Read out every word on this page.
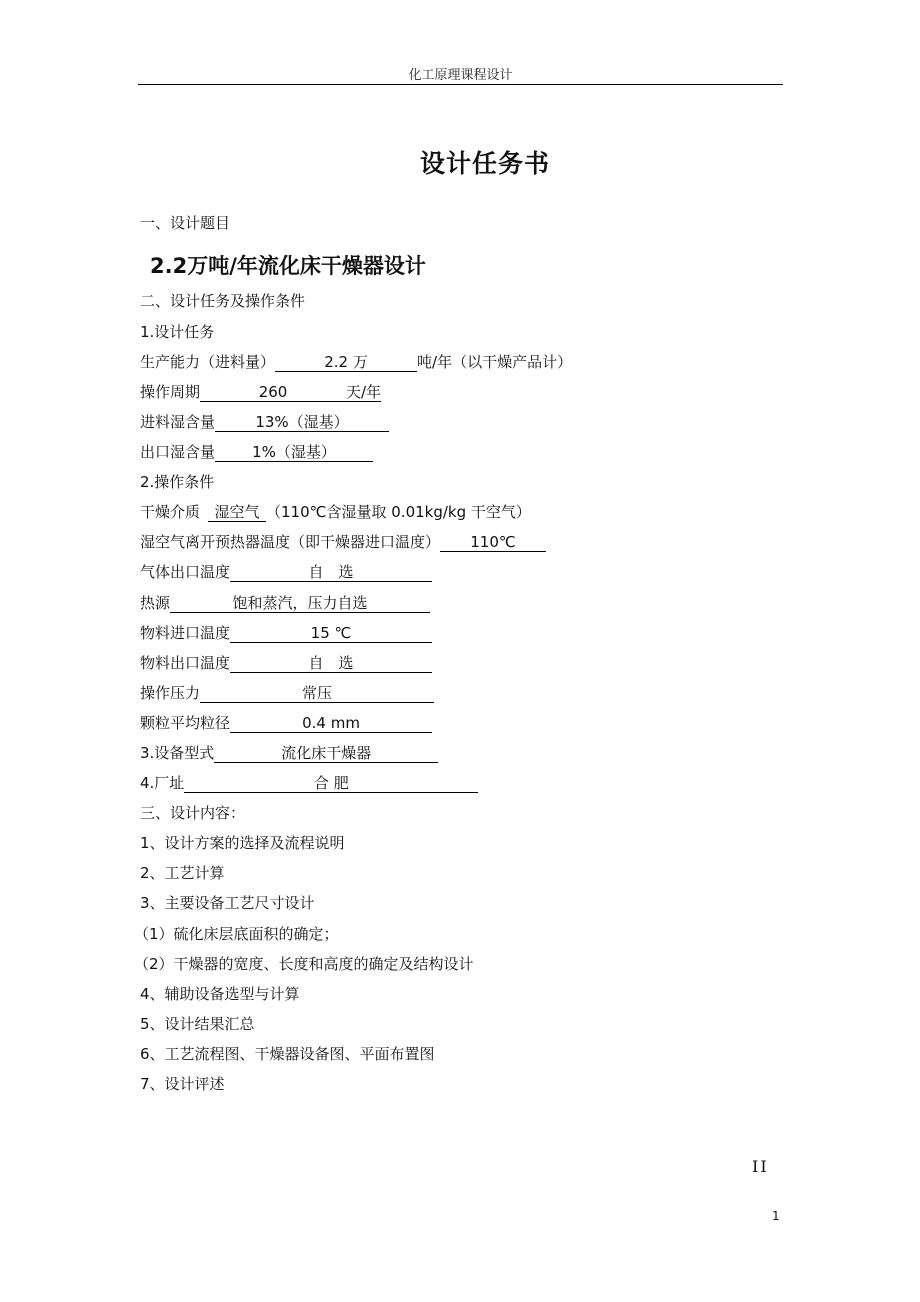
化工原理课程设计
设计任务书
一、设计题目
2.2万吨/年流化床干燥器设计
二、设计任务及操作条件
1.设计任务
生产能力（进料量）	2.2 万	吨/年（以干燥产品计）
操作周期	260	天/年
进料湿含量	13%（湿基）
出口湿含量 1%（湿基）
2.操作条件
干燥介质 湿空气 （110℃含湿量取 0.01kg/kg 干空气）
湿空气离开预热器温度（即干燥器进口温度） 110℃
气体出口温度	自　选
热源	饱和蒸汽，压力自选
物料进口温度	15 ℃
物料出口温度	自　选
操作压力	常压
颗粒平均粒径	0.4 mm
3.设备型式	流化床干燥器
4.厂址	合 肥
三、设计内容：
1、设计方案的选择及流程说明
2、工艺计算
3、主要设备工艺尺寸设计
（1）硫化床层底面积的确定；
（2）干燥器的宽度、长度和高度的确定及结构设计
4、辅助设备选型与计算
5、设计结果汇总
6、工艺流程图、干燥器设备图、平面布置图
7、设计评述
II
1
